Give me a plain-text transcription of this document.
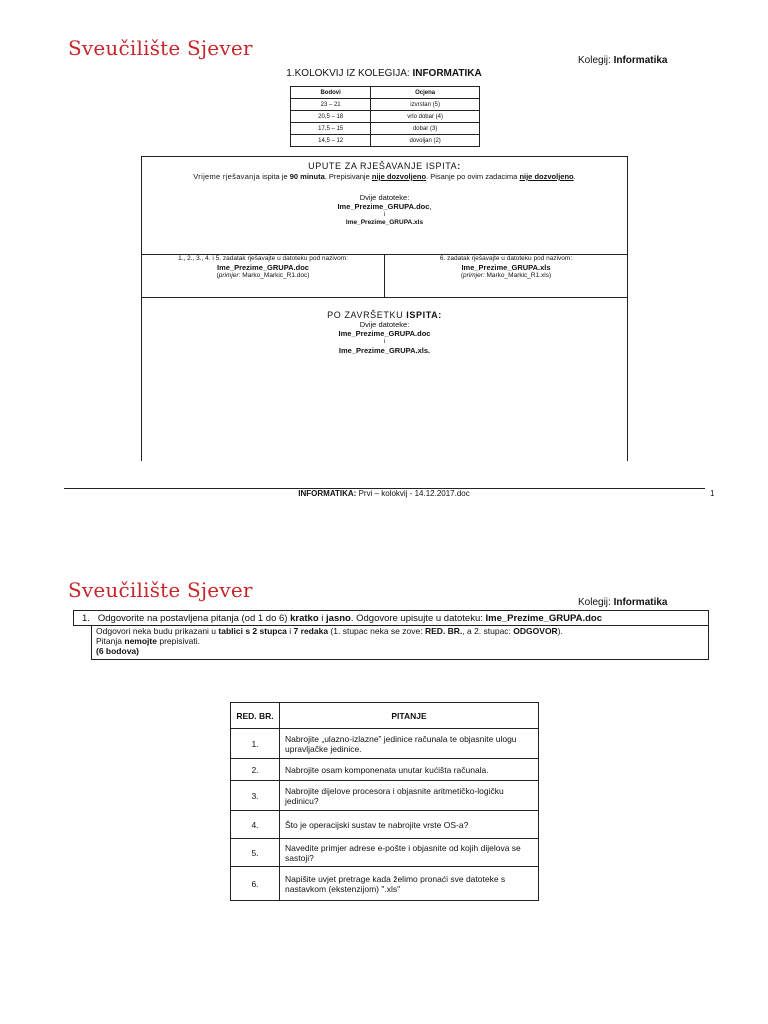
Sveučilište Sjever
Kolegij: Informatika
1.KOLOKVIJ IZ KOLEGIJA: INFORMATIKA
Bodovi	Ocjena
23 – 21	izvrstan (5)
20,5 – 18	vrlo dobar (4)
17,5 – 15	dobar (3)
14,5 – 12	dovoljan (2)
UPUTE ZA RJEŠAVANJE ISPITA:
Vrijeme rješavanja ispita je 90 minuta. Prepisivanje nije dozvoljeno. Pisanje po ovim zadacima nije dozvoljeno.
Dvije datoteke:
Ime_Prezime_GRUPA.doc,
i
Ime_Prezime_GRUPA.xls
1., 2., 3., 4. i 5. zadatak rješavajte u datoteku pod nazivom:
Ime_Prezime_GRUPA.doc
(primjer: Marko_Markic_R1.doc)
6. zadatak rješavajte u datoteku pod nazivom:
Ime_Prezime_GRUPA.xls
(primjer: Marko_Markic_R1.xls)
PO ZAVRŠETKU ISPITA:
Dvije datoteke:
Ime_Prezime_GRUPA.doc
i
Ime_Prezime_GRUPA.xls.
INFORMATIKA: Prvi – kolokvij - 14.12.2017.doc	1
Sveučilište Sjever
Kolegij: Informatika
1. Odgovorite na postavljena pitanja (od 1 do 6) kratko i jasno. Odgovore upisujte u datoteku: Ime_Prezime_GRUPA.doc
Odgovori neka budu prikazani u tablici s 2 stupca i 7 redaka (1. stupac neka se zove: RED. BR., a 2. stupac: ODGOVOR).
Pitanja nemojte prepisivati.
(6 bodova)
RED. BR.	PITANJE
1.	Nabrojite „ulazno-izlazne” jedinice računala te objasnite ulogu upravljačke jedinice.
2.	Nabrojite osam komponenata unutar kućišta računala.
3.	Nabrojite dijelove procesora i objasnite aritmetičko-logičku jedinicu?
4.	Što je operacijski sustav te nabrojite vrste OS-a?
5.	Navedite primjer adrese e-pošte i objasnite od kojih dijelova se sastoji?
6.	Napišite uvjet pretrage kada želimo pronaći sve datoteke s nastavkom (ekstenzijom) ".xls"
